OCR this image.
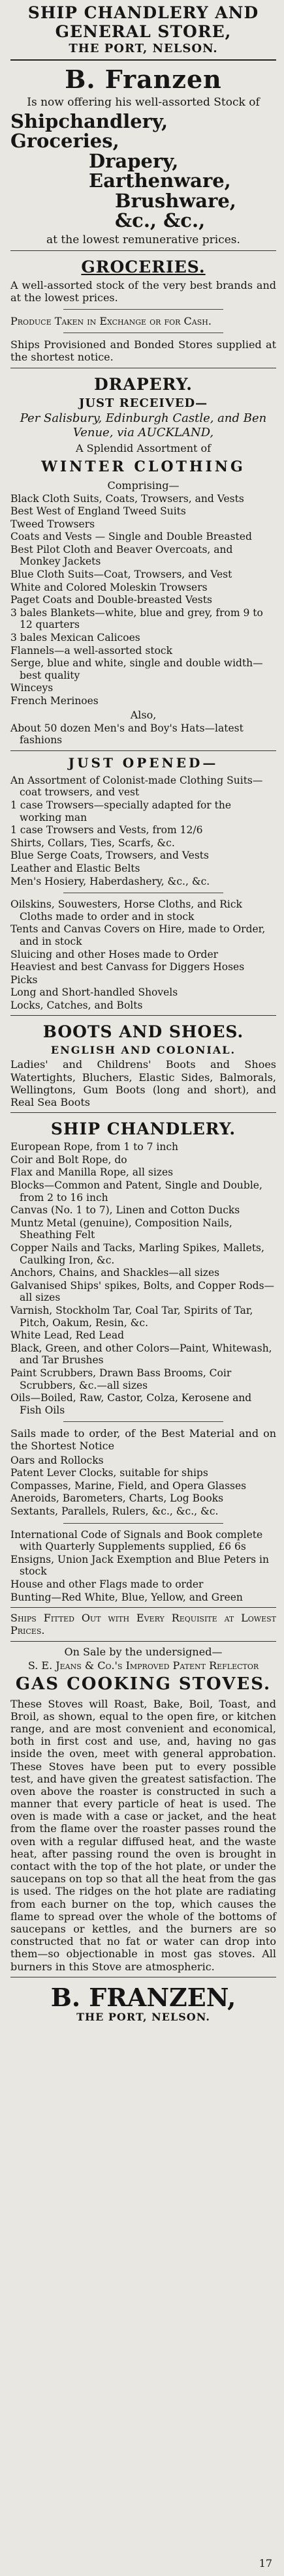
SHIP CHANDLERY AND
GENERAL STORE,
THE PORT, NELSON.
B. Franzen
Is now offering his well-assorted Stock of
Shipchandlery, Groceries,
Drapery, Earthenware,
Brushware, &c., &c.,
at the lowest remunerative prices.
GROCERIES.
A well-assorted stock of the very best brands and at the lowest prices.
Produce Taken in Exchange or for Cash.
Ships Provisioned and Bonded Stores supplied at the shortest notice.
DRAPERY.
JUST RECEIVED—
Per Salisbury, Edinburgh Castle, and Ben Venue, via AUCKLAND,
A Splendid Assortment of
WINTER CLOTHING
Comprising—
Black Cloth Suits, Coats, Trowsers, and Vests
Best West of England Tweed Suits
Tweed Trowsers
Coats and Vests — Single and Double Breasted
Best Pilot Cloth and Beaver Overcoats, and Monkey Jackets
Blue Cloth Suits—Coat, Trowsers, and Vest
White and Colored Moleskin Trowsers
Paget Coats and Double-breasted Vests
3 bales Blankets—white, blue and grey, from 9 to 12 quarters
3 bales Mexican Calicoes
Flannels—a well-assorted stock
Serge, blue and white, single and double width—best quality
Winceys
French Merinoes
Also,
About 50 dozen Men's and Boy's Hats—latest fashions
JUST OPENED—
An Assortment of Colonist-made Clothing Suits—coat trowsers, and vest
1 case Trowsers—specially adapted for the working man
1 case Trowsers and Vests, from 12/6
Shirts, Collars, Ties, Scarfs, &c.
Blue Serge Coats, Trowsers, and Vests
Leather and Elastic Belts
Men's Hosiery, Haberdashery, &c., &c.
Oilskins, Souwesters, Horse Cloths, and Rick Cloths made to order and in stock
Tents and Canvas Covers on Hire, made to Order, and in stock
Sluicing and other Hoses made to Order
Heaviest and best Canvass for Diggers Hoses
Picks
Long and Short-handled Shovels
Locks, Catches, and Bolts
BOOTS AND SHOES.
ENGLISH AND COLONIAL.
Ladies' and Childrens' Boots and Shoes Watertights, Bluchers, Elastic Sides, Balmorals, Wellingtons, Gum Boots (long and short), and Real Sea Boots
SHIP CHANDLERY.
European Rope, from 1 to 7 inch
Coir and Bolt Rope, do
Flax and Manilla Rope, all sizes
Blocks—Common and Patent, Single and Double, from 2 to 16 inch
Canvas (No. 1 to 7), Linen and Cotton Ducks
Muntz Metal (genuine), Composition Nails, Sheathing Felt
Copper Nails and Tacks, Marling Spikes, Mallets, Caulking Iron, &c.
Anchors, Chains, and Shackles—all sizes
Galvanised Ships' spikes, Bolts, and Copper Rods—all sizes
Varnish, Stockholm Tar, Coal Tar, Spirits of Tar, Pitch, Oakum, Resin, &c.
White Lead, Red Lead
Black, Green, and other Colors—Paint, Whitewash, and Tar Brushes
Paint Scrubbers, Drawn Bass Brooms, Coir Scrubbers, &c.—all sizes
Oils—Boiled, Raw, Castor, Colza, Kerosene and Fish Oils
Sails made to order, of the Best Material and on the Shortest Notice
Oars and Rollocks
Patent Lever Clocks, suitable for ships
Compasses, Marine, Field, and Opera Glasses
Aneroids, Barometers, Charts, Log Books
Sextants, Parallels, Rulers, &c., &c., &c.
International Code of Signals and Book complete with Quarterly Supplements supplied, £6 6s
Ensigns, Union Jack Exemption and Blue Peters in stock
House and other Flags made to order
Bunting—Red White, Blue, Yellow, and Green
Ships Fitted Out with Every Requisite at Lowest Prices.
On Sale by the undersigned—
S. E. Jeans & Co.'s Improved Patent Reflector
GAS COOKING STOVES.
These Stoves will Roast, Bake, Boil, Toast, and Broil, as shown, equal to the open fire, or kitchen range, and are most convenient and economical, both in first cost and use, and, having no gas inside the oven, meet with general approbation. These Stoves have been put to every possible test, and have given the greatest satisfaction. The oven above the roaster is constructed in such a manner that every particle of heat is used. The oven is made with a case or jacket, and the heat from the flame over the roaster passes round the oven with a regular diffused heat, and the waste heat, after passing round the oven is brought in contact with the top of the hot plate, or under the saucepans on top so that all the heat from the gas is used. The ridges on the hot plate are radiating from each burner on the top, which causes the flame to spread over the whole of the bottoms of saucepans or kettles, and the burners are so constructed that no fat or water can drop into them—so objectionable in most gas stoves. All burners in this Stove are atmospheric.
B. FRANZEN,
THE PORT, NELSON.
17
